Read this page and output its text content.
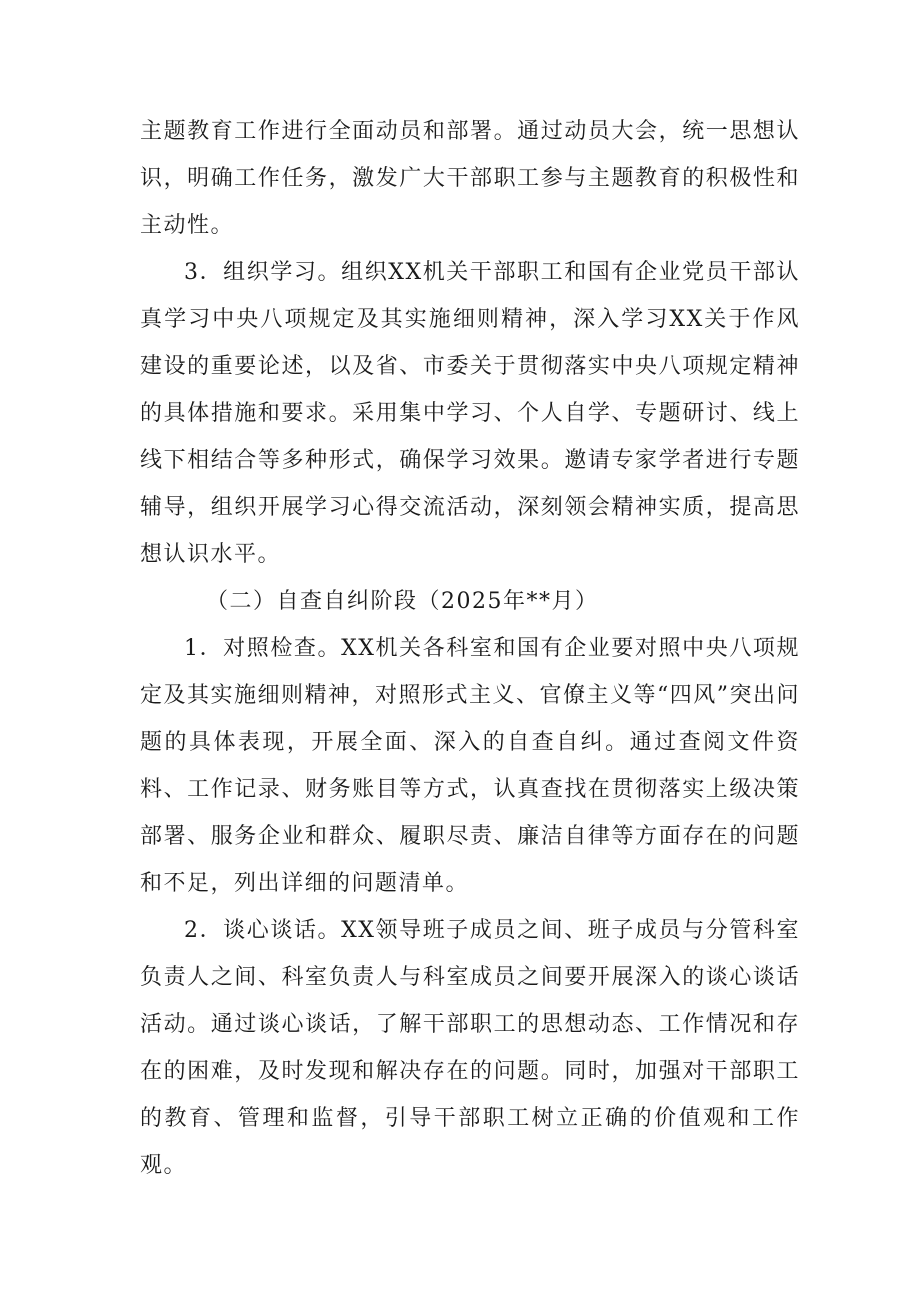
主题教育工作进行全面动员和部署。通过动员大会，统一思想认识，明确工作任务，激发广大干部职工参与主题教育的积极性和主动性。

3．组织学习。组织XX机关干部职工和国有企业党员干部认真学习中央八项规定及其实施细则精神，深入学习XX关于作风建设的重要论述，以及省、市委关于贯彻落实中央八项规定精神的具体措施和要求。采用集中学习、个人自学、专题研讨、线上线下相结合等多种形式，确保学习效果。邀请专家学者进行专题辅导，组织开展学习心得交流活动，深刻领会精神实质，提高思想认识水平。

（二）自查自纠阶段（2025年**月）

1．对照检查。XX机关各科室和国有企业要对照中央八项规定及其实施细则精神，对照形式主义、官僚主义等“四风”突出问题的具体表现，开展全面、深入的自查自纠。通过查阅文件资料、工作记录、财务账目等方式，认真查找在贯彻落实上级决策部署、服务企业和群众、履职尽责、廉洁自律等方面存在的问题和不足，列出详细的问题清单。

2．谈心谈话。XX领导班子成员之间、班子成员与分管科室负责人之间、科室负责人与科室成员之间要开展深入的谈心谈话活动。通过谈心谈话，了解干部职工的思想动态、工作情况和存在的困难，及时发现和解决存在的问题。同时，加强对干部职工的教育、管理和监督，引导干部职工树立正确的价值观和工作观。
